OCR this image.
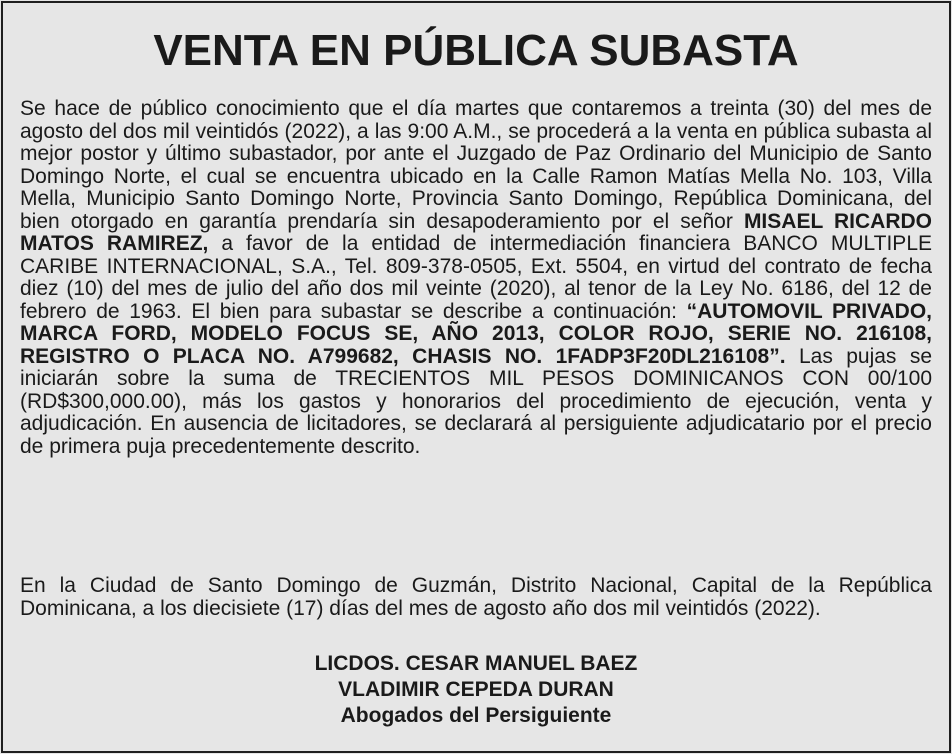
VENTA EN PÚBLICA SUBASTA

Se hace de público conocimiento que el día martes que contaremos a treinta (30) del mes de agosto del dos mil veintidós (2022), a las 9:00 A.M., se procederá a la venta en pública subasta al mejor postor y último subastador, por ante el Juzgado de Paz Ordinario del Municipio de Santo Domingo Norte, el cual se encuentra ubicado en la Calle Ramon Matías Mella No. 103, Villa Mella, Municipio Santo Domingo Norte, Provincia Santo Domingo, República Dominicana, del bien otorgado en garantía prendaría sin desapoderamiento por el señor MISAEL RICARDO MATOS RAMIREZ, a favor de la entidad de intermediación financiera BANCO MULTIPLE CARIBE INTERNACIONAL, S.A., Tel. 809-378-0505, Ext. 5504, en virtud del contrato de fecha diez (10) del mes de julio del año dos mil veinte (2020), al tenor de la Ley No. 6186, del 12 de febrero de 1963. El bien para subastar se describe a continuación: “AUTOMOVIL PRIVADO, MARCA FORD, MODELO FOCUS SE, AÑO 2013, COLOR ROJO, SERIE NO. 216108, REGISTRO O PLACA NO. A799682, CHASIS NO. 1FADP3F20DL216108”. Las pujas se iniciarán sobre la suma de TRECIENTOS MIL PESOS DOMINICANOS CON 00/100 (RD$300,000.00), más los gastos y honorarios del procedimiento de ejecución, venta y adjudicación. En ausencia de licitadores, se declarará al persiguiente adjudicatario por el precio de primera puja precedentemente descrito.

En la Ciudad de Santo Domingo de Guzmán, Distrito Nacional, Capital de la República Dominicana, a los diecisiete (17) días del mes de agosto año dos mil veintidós (2022).

LICDOS. CESAR MANUEL BAEZ
VLADIMIR CEPEDA DURAN
Abogados del Persiguiente
